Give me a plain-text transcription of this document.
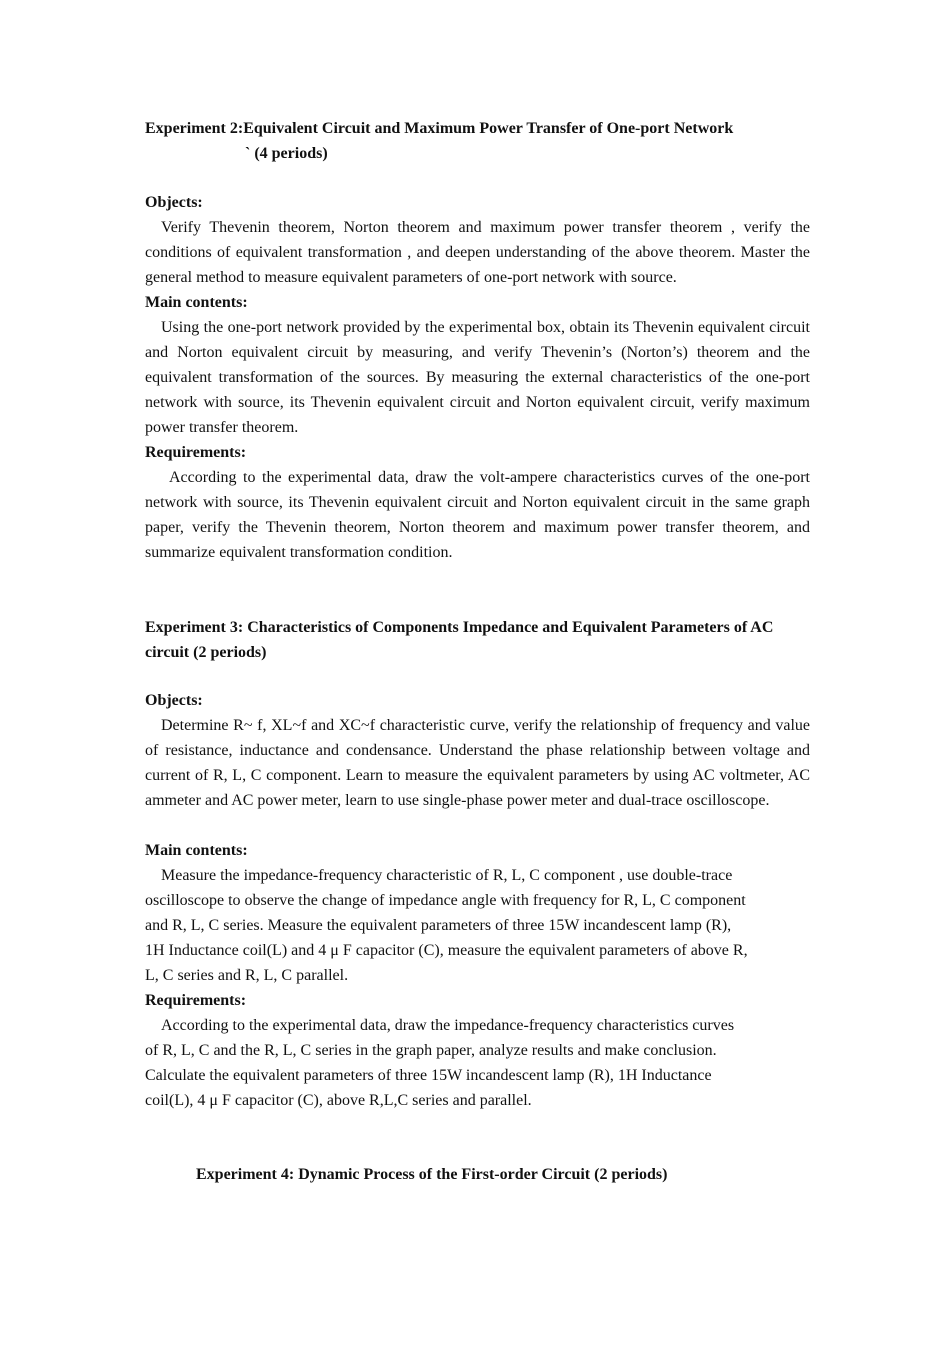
Experiment 2:Equivalent Circuit and Maximum Power Transfer of One-port Network
` (4 periods)
Objects:
Verify Thevenin theorem, Norton theorem and maximum power transfer theorem , verify the conditions of equivalent transformation , and deepen understanding of the above theorem. Master the general method to measure equivalent parameters of one-port network with source.
Main contents:
Using the one-port network provided by the experimental box, obtain its Thevenin equivalent circuit and Norton equivalent circuit by measuring, and verify Thevenin’s (Norton’s) theorem and the equivalent transformation of the sources. By measuring the external characteristics of the one-port network with source, its Thevenin equivalent circuit and Norton equivalent circuit, verify maximum power transfer theorem.
Requirements:
According to the experimental data, draw the volt-ampere characteristics curves of the one-port network with source, its Thevenin equivalent circuit and Norton equivalent circuit in the same graph paper, verify the Thevenin theorem, Norton theorem and maximum power transfer theorem, and summarize equivalent transformation condition.
Experiment 3: Characteristics of Components Impedance and Equivalent Parameters of AC circuit (2 periods)
Objects:
Determine R~ f, XL~f and XC~f characteristic curve, verify the relationship of frequency and value of resistance, inductance and condensance. Understand the phase relationship between voltage and current of R, L, C component. Learn to measure the equivalent parameters by using AC voltmeter, AC ammeter and AC power meter, learn to use single-phase power meter and dual-trace oscilloscope.
Main contents:
Measure the impedance-frequency characteristic of R, L, C component , use double-trace
oscilloscope to observe the change of impedance angle with frequency for R, L, C component
and R, L, C series. Measure the equivalent parameters of three 15W incandescent lamp (R),
1H Inductance coil(L) and 4 μ F capacitor (C), measure the equivalent parameters of above R,
L, C series and R, L, C parallel.
Requirements:
According to the experimental data, draw the impedance-frequency characteristics curves
of R, L, C and the R, L, C series in the graph paper, analyze results and make conclusion.
Calculate the equivalent parameters of three 15W incandescent lamp (R), 1H Inductance
coil(L), 4 μ F capacitor (C), above R,L,C series and parallel.
Experiment 4: Dynamic Process of the First-order Circuit (2 periods)
